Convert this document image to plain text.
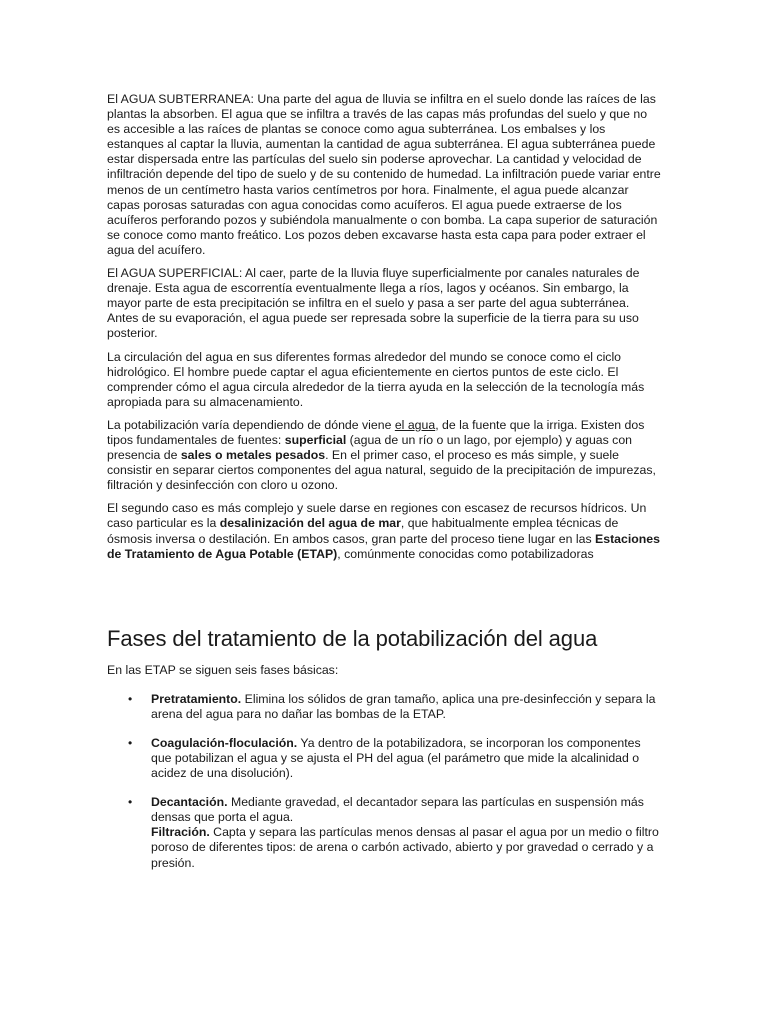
El AGUA SUBTERRANEA: Una parte del agua de lluvia se infiltra en el suelo donde las raíces de las plantas la absorben. El agua que se infiltra a través de las capas más profundas del suelo y que no es accesible a las raíces de plantas se conoce como agua subterránea. Los embalses y los estanques al captar la lluvia, aumentan la cantidad de agua subterránea. El agua subterránea puede estar dispersada entre las partículas del suelo sin poderse aprovechar. La cantidad y velocidad de infiltración depende del tipo de suelo y de su contenido de humedad. La infiltración puede variar entre menos de un centímetro hasta varios centímetros por hora. Finalmente, el agua puede alcanzar capas porosas saturadas con agua conocidas como acuíferos. El agua puede extraerse de los acuíferos perforando pozos y subiéndola manualmente o con bomba. La capa superior de saturación se conoce como manto freático. Los pozos deben excavarse hasta esta capa para poder extraer el agua del acuífero.

El AGUA SUPERFICIAL: Al caer, parte de la lluvia fluye superficialmente por canales naturales de drenaje. Esta agua de escorrentía eventualmente llega a ríos, lagos y océanos. Sin embargo, la mayor parte de esta precipitación se infiltra en el suelo y pasa a ser parte del agua subterránea. Antes de su evaporación, el agua puede ser represada sobre la superficie de la tierra para su uso posterior.

La circulación del agua en sus diferentes formas alrededor del mundo se conoce como el ciclo hidrológico. El hombre puede captar el agua eficientemente en ciertos puntos de este ciclo. El comprender cómo el agua circula alrededor de la tierra ayuda en la selección de la tecnología más apropiada para su almacenamiento.

La potabilización varía dependiendo de dónde viene el agua, de la fuente que la irriga. Existen dos tipos fundamentales de fuentes: superficial (agua de un río o un lago, por ejemplo) y aguas con presencia de sales o metales pesados. En el primer caso, el proceso es más simple, y suele consistir en separar ciertos componentes del agua natural, seguido de la precipitación de impurezas, filtración y desinfección con cloro u ozono.

El segundo caso es más complejo y suele darse en regiones con escasez de recursos hídricos. Un caso particular es la desalinización del agua de mar, que habitualmente emplea técnicas de ósmosis inversa o destilación. En ambos casos, gran parte del proceso tiene lugar en las Estaciones de Tratamiento de Agua Potable (ETAP), comúnmente conocidas como potabilizadoras

Fases del tratamiento de la potabilización del agua

En las ETAP se siguen seis fases básicas:

• Pretratamiento. Elimina los sólidos de gran tamaño, aplica una pre-desinfección y separa la arena del agua para no dañar las bombas de la ETAP.
• Coagulación-floculación. Ya dentro de la potabilizadora, se incorporan los componentes que potabilizan el agua y se ajusta el PH del agua (el parámetro que mide la alcalinidad o acidez de una disolución).
• Decantación. Mediante gravedad, el decantador separa las partículas en suspensión más densas que porta el agua.
Filtración. Capta y separa las partículas menos densas al pasar el agua por un medio o filtro poroso de diferentes tipos: de arena o carbón activado, abierto y por gravedad o cerrado y a presión.
